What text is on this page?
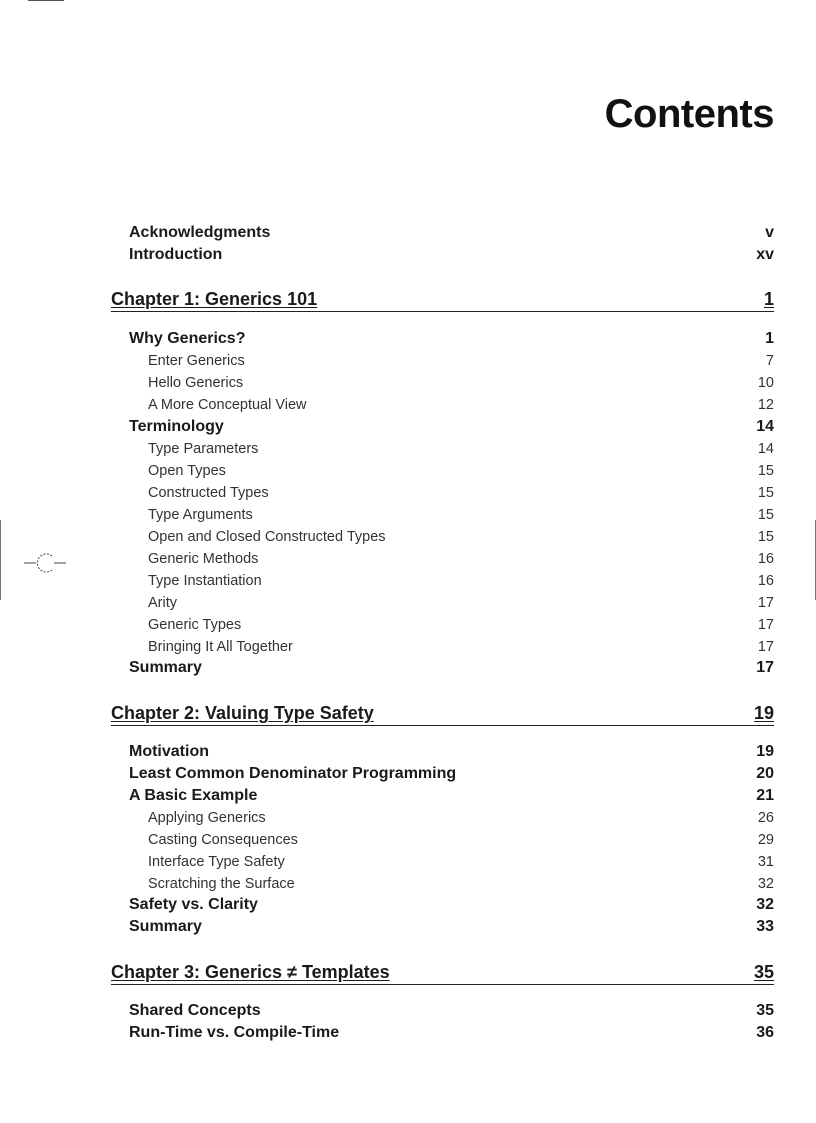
Contents
Acknowledgments	v
Introduction	xv
Chapter 1: Generics 101	1
Why Generics?	1
Enter Generics	7
Hello Generics	10
A More Conceptual View	12
Terminology	14
Type Parameters	14
Open Types	15
Constructed Types	15
Type Arguments	15
Open and Closed Constructed Types	15
Generic Methods	16
Type Instantiation	16
Arity	17
Generic Types	17
Bringing It All Together	17
Summary	17
Chapter 2: Valuing Type Safety	19
Motivation	19
Least Common Denominator Programming	20
A Basic Example	21
Applying Generics	26
Casting Consequences	29
Interface Type Safety	31
Scratching the Surface	32
Safety vs. Clarity	32
Summary	33
Chapter 3: Generics ≠ Templates	35
Shared Concepts	35
Run-Time vs. Compile-Time	36
